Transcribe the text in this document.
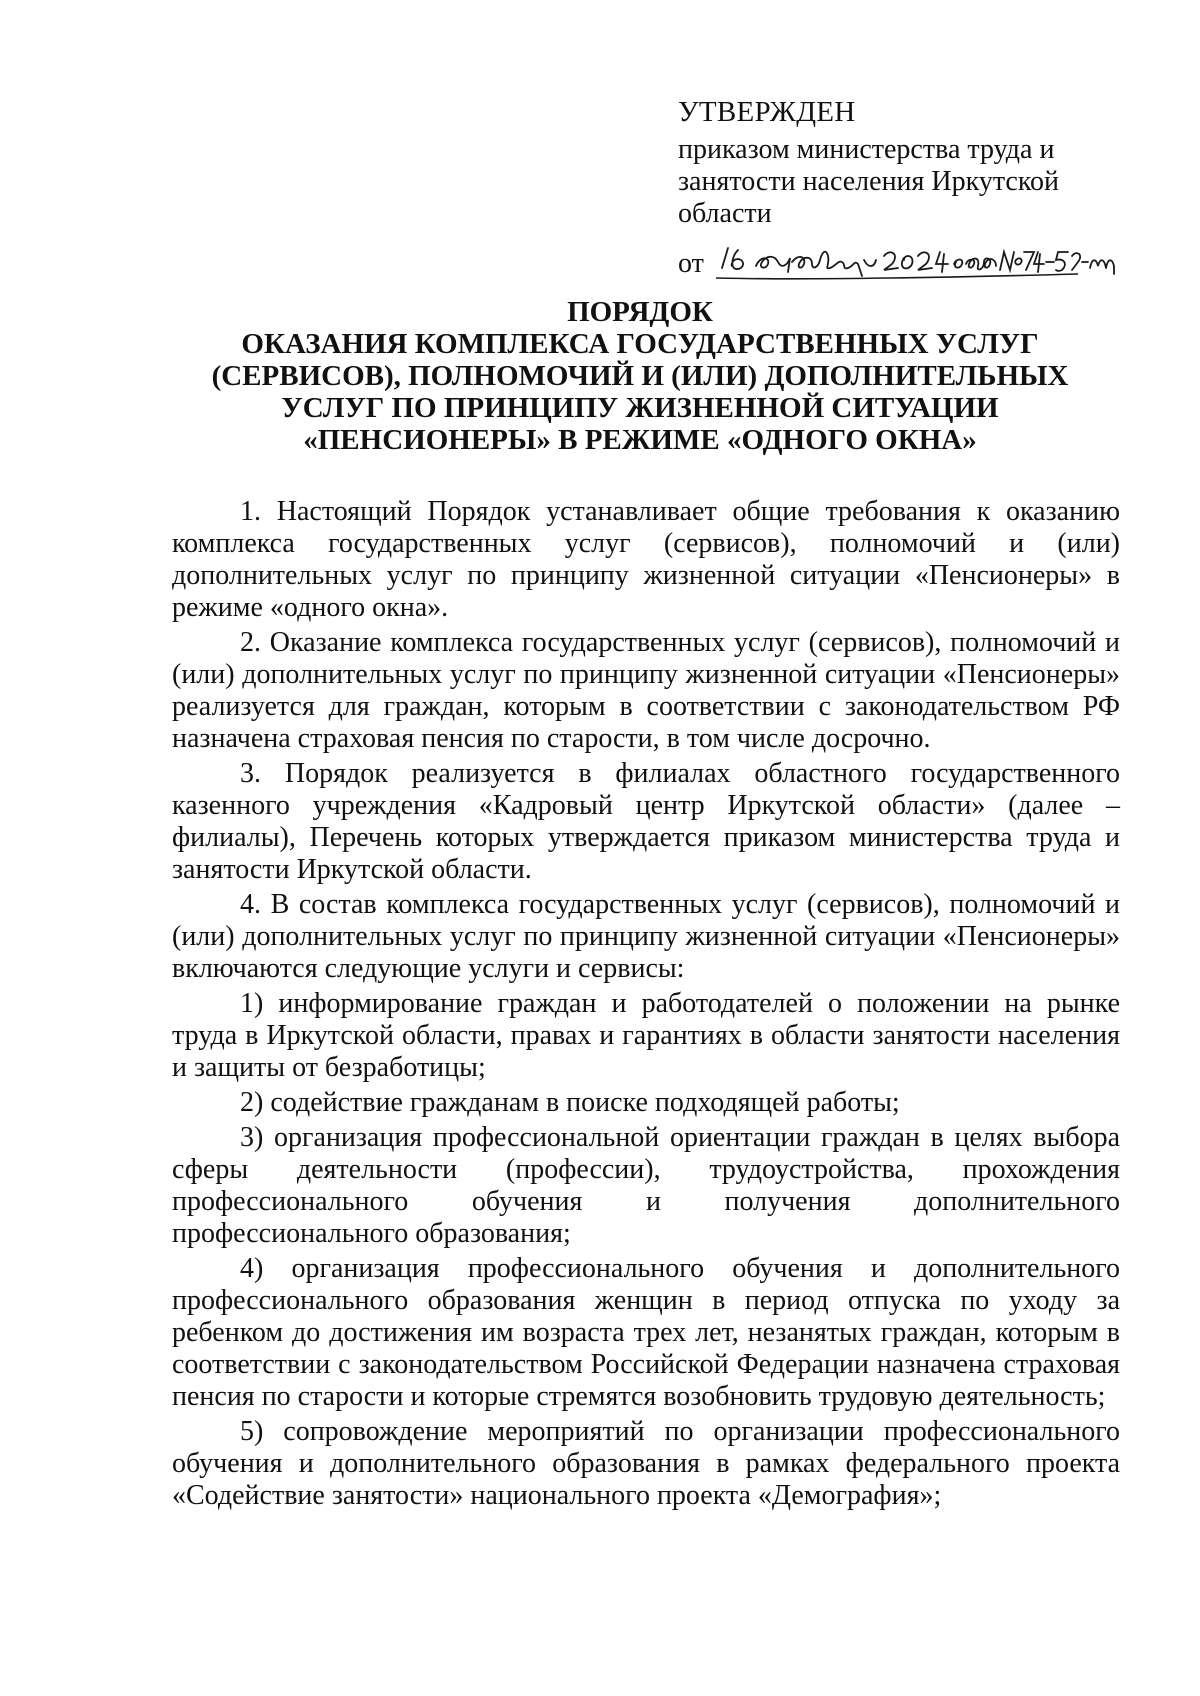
УТВЕРЖДЕН
приказом министерства труда и
занятости населения Иркутской
области
от
ПОРЯДОК
ОКАЗАНИЯ КОМПЛЕКСА ГОСУДАРСТВЕННЫХ УСЛУГ
(СЕРВИСОВ), ПОЛНОМОЧИЙ И (ИЛИ) ДОПОЛНИТЕЛЬНЫХ
УСЛУГ ПО ПРИНЦИПУ ЖИЗНЕННОЙ СИТУАЦИИ
«ПЕНСИОНЕРЫ» В РЕЖИМЕ «ОДНОГО ОКНА»

1. Настоящий Порядок устанавливает общие требования к оказанию комплекса государственных услуг (сервисов), полномочий и (или) дополнительных услуг по принципу жизненной ситуации «Пенсионеры» в режиме «одного окна».

2. Оказание комплекса государственных услуг (сервисов), полномочий и (или) дополнительных услуг по принципу жизненной ситуации «Пенсионеры» реализуется для граждан, которым в соответствии с законодательством РФ назначена страховая пенсия по старости, в том числе досрочно.

3. Порядок реализуется в филиалах областного государственного казенного учреждения «Кадровый центр Иркутской области» (далее – филиалы), Перечень которых утверждается приказом министерства труда и занятости Иркутской области.

4. В состав комплекса государственных услуг (сервисов), полномочий и (или) дополнительных услуг по принципу жизненной ситуации «Пенсионеры» включаются следующие услуги и сервисы:

1) информирование граждан и работодателей о положении на рынке труда в Иркутской области, правах и гарантиях в области занятости населения и защиты от безработицы;

2) содействие гражданам в поиске подходящей работы;

3) организация профессиональной ориентации граждан в целях выбора сферы деятельности (профессии), трудоустройства, прохождения профессионального обучения и получения дополнительного профессионального образования;

4) организация профессионального обучения и дополнительного профессионального образования женщин в период отпуска по уходу за ребенком до достижения им возраста трех лет, незанятых граждан, которым в соответствии с законодательством Российской Федерации назначена страховая пенсия по старости и которые стремятся возобновить трудовую деятельность;

5) сопровождение мероприятий по организации профессионального обучения и дополнительного образования в рамках федерального проекта «Содействие занятости» национального проекта «Демография»;
